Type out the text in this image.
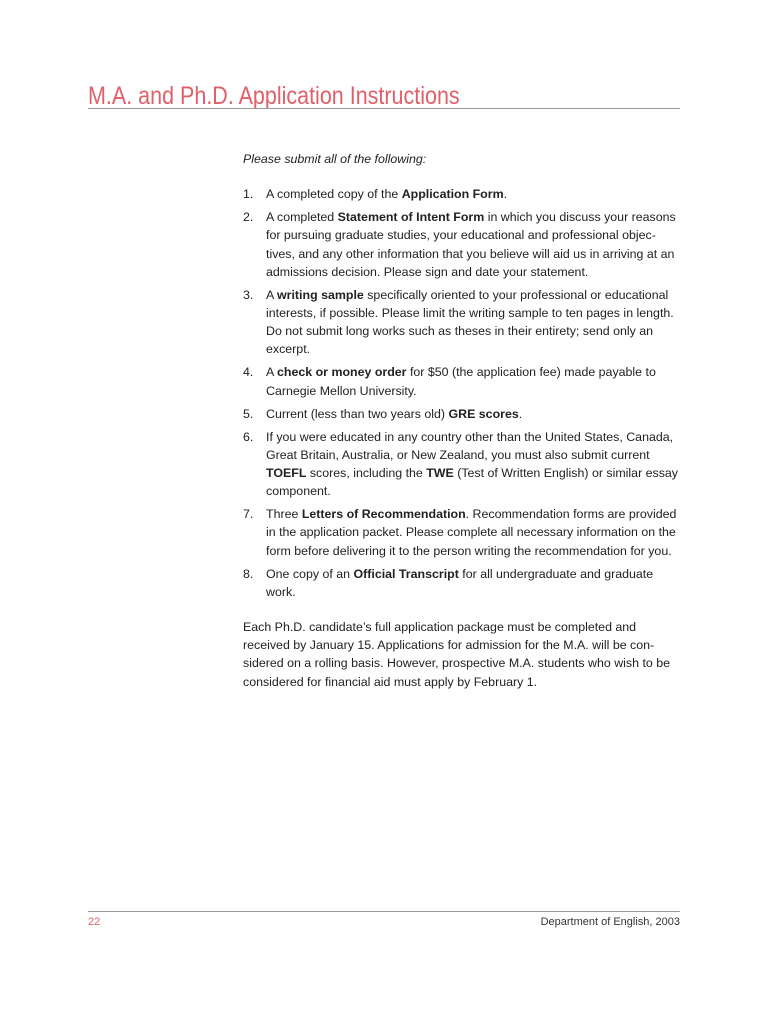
M.A. and Ph.D. Application Instructions

Please submit all of the following:

1. A completed copy of the Application Form.
2. A completed Statement of Intent Form in which you discuss your reasons for pursuing graduate studies, your educational and professional objec-tives, and any other information that you believe will aid us in arriving at an admissions decision. Please sign and date your statement.
3. A writing sample specifically oriented to your professional or educational interests, if possible. Please limit the writing sample to ten pages in length. Do not submit long works such as theses in their entirety; send only an excerpt.
4. A check or money order for $50 (the application fee) made payable to Carnegie Mellon University.
5. Current (less than two years old) GRE scores.
6. If you were educated in any country other than the United States, Canada, Great Britain, Australia, or New Zealand, you must also submit current TOEFL scores, including the TWE (Test of Written English) or similar essay component.
7. Three Letters of Recommendation. Recommendation forms are provided in the application packet. Please complete all necessary information on the form before delivering it to the person writing the recommendation for you.
8. One copy of an Official Transcript for all undergraduate and graduate work.

Each Ph.D. candidate’s full application package must be completed and received by January 15. Applications for admission for the M.A. will be con-sidered on a rolling basis. However, prospective M.A. students who wish to be considered for financial aid must apply by February 1.

22	Department of English, 2003
